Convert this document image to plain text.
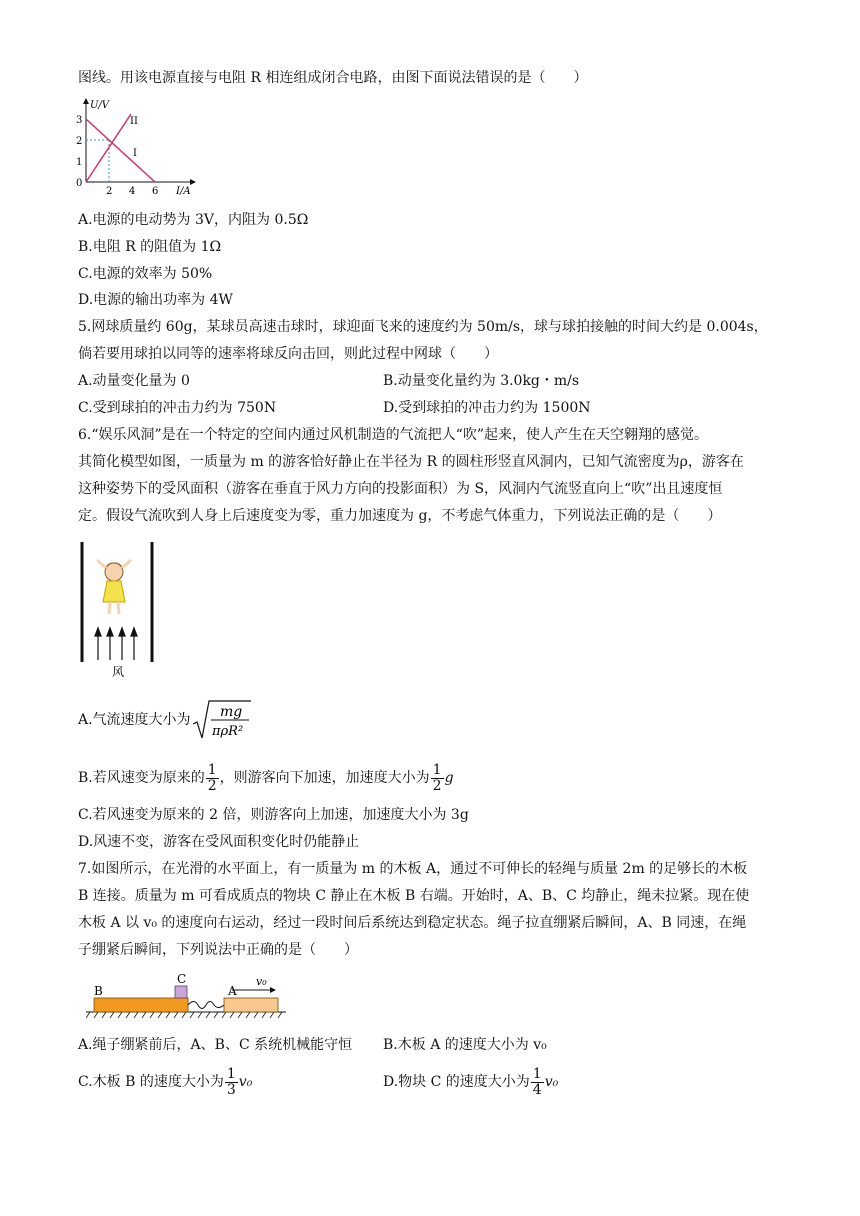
图线。用该电源直接与电阻 R 相连组成闭合电路，由图下面说法错误的是（　　）
3
2
1
0
2 4 6
U/V
I/A
I
II
A.电源的电动势为 3V，内阻为 0.5Ω
B.电阻 R 的阻值为 1Ω
C.电源的效率为 50%
D.电源的输出功率为 4W
5.网球质量约 60g，某球员高速击球时，球迎面飞来的速度约为 50m/s，球与球拍接触的时间大约是 0.004s，
倘若要用球拍以同等的速率将球反向击回，则此过程中网球（　　）
A.动量变化量为 0	B.动量变化量约为 3.0kg・m/s
C.受到球拍的冲击力约为 750N	D.受到球拍的冲击力约为 1500N
6.“娱乐风洞”是在一个特定的空间内通过风机制造的气流把人“吹”起来，使人产生在天空翱翔的感觉。
其简化模型如图，一质量为 m 的游客恰好静止在半径为 R 的圆柱形竖直风洞内，已知气流密度为ρ，游客在
这种姿势下的受风面积（游客在垂直于风力方向的投影面积）为 S，风洞内气流竖直向上“吹”出且速度恒
定。假设气流吹到人身上后速度变为零，重力加速度为 g，不考虑气体重力，下列说法正确的是（　　）
风
A.气流速度大小为 mg
πρR²
B.若风速变为原来的 $\frac{1}{2}$ ，则游客向下加速，加速度大小为 $\frac{1}{2}$ g
C.若风速变为原来的 2 倍，则游客向上加速，加速度大小为 3g
D.风速不变，游客在受风面积变化时仍能静止
7.如图所示，在光滑的水平面上，有一质量为 m 的木板 A，通过不可伸长的轻绳与质量 2m 的足够长的木板
B 连接。质量为 m 可看成质点的物块 C 静止在木板 B 右端。开始时，A、B、C 均静止，绳未拉紧。现在使
木板 A 以 v₀ 的速度向右运动，经过一段时间后系统达到稳定状态。绳子拉直绷紧后瞬间，A、B 同速，在绳
子绷紧后瞬间，下列说法中正确的是（　　）
B
C
A
v₀
A.绳子绷紧前后，A、B、C 系统机械能守恒 B.木板 A 的速度大小为 v₀
C.木板 B 的速度大小为 $\frac{1}{3} v_0$	D.物块 C 的速度大小为 $\frac{1}{4} v_0$
